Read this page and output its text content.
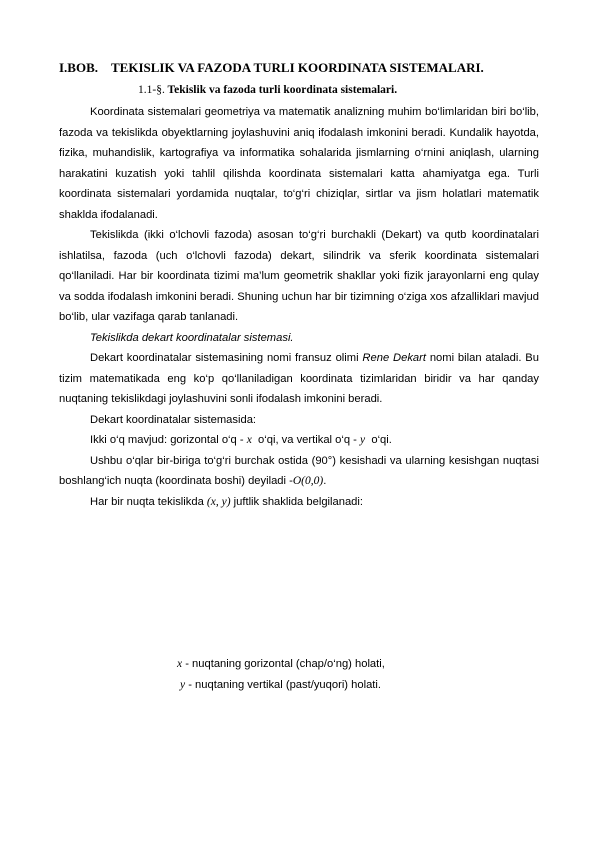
I.BOB. TEKISLIK VA FAZODA TURLI KOORDINATA SISTEMALARI.
1.1-§. Tekislik va fazoda turli koordinata sistemalari.

Koordinata sistemalari geometriya va matematik analizning muhim bo‘limlaridan biri bo‘lib, fazoda va tekislikda obyektlarning joylashuvini aniq ifodalash imkonini beradi. Kundalik hayotda, fizika, muhandislik, kartografiya va informatika sohalarida jismlarning o‘rnini aniqlash, ularning harakatini kuzatish yoki tahlil qilishda koordinata sistemalari katta ahamiyatga ega. Turli koordinata sistemalari yordamida nuqtalar, to‘g‘ri chiziqlar, sirtlar va jism holatlari matematik shaklda ifodalanadi.

Tekislikda (ikki o‘lchovli fazoda) asosan to‘g‘ri burchakli (Dekart) va qutb koordinatalari ishlatilsa, fazoda (uch o‘lchovli fazoda) dekart, silindrik va sferik koordinata sistemalari qo‘llaniladi. Har bir koordinata tizimi ma’lum geometrik shakllar yoki fizik jarayonlarni eng qulay va sodda ifodalash imkonini beradi. Shuning uchun har bir tizimning o‘ziga xos afzalliklari mavjud bo‘lib, ular vazifaga qarab tanlanadi.

Tekislikda dekart koordinatalar sistemasi.

Dekart koordinatalar sistemasining nomi fransuz olimi Rene Dekart nomi bilan ataladi. Bu tizim matematikada eng ko‘p qo‘llaniladigan koordinata tizimlaridan biridir va har qanday nuqtaning tekislikdagi joylashuvini sonli ifodalash imkonini beradi.

Dekart koordinatalar sistemasida:

Ikki o‘q mavjud: gorizontal o‘q - x  o‘qi, va vertikal o‘q - y  o‘qi.

Ushbu o‘qlar bir-biriga to‘g‘ri burchak ostida (90°) kesishadi va ularning kesishgan nuqtasi boshlang‘ich nuqta (koordinata boshi) deyiladi -O(0,0).

Har bir nuqta tekislikda (x, y) juftlik shaklida belgilanadi:

x - nuqtaning gorizontal (chap/o‘ng) holati,
y - nuqtaning vertikal (past/yuqori) holati.
